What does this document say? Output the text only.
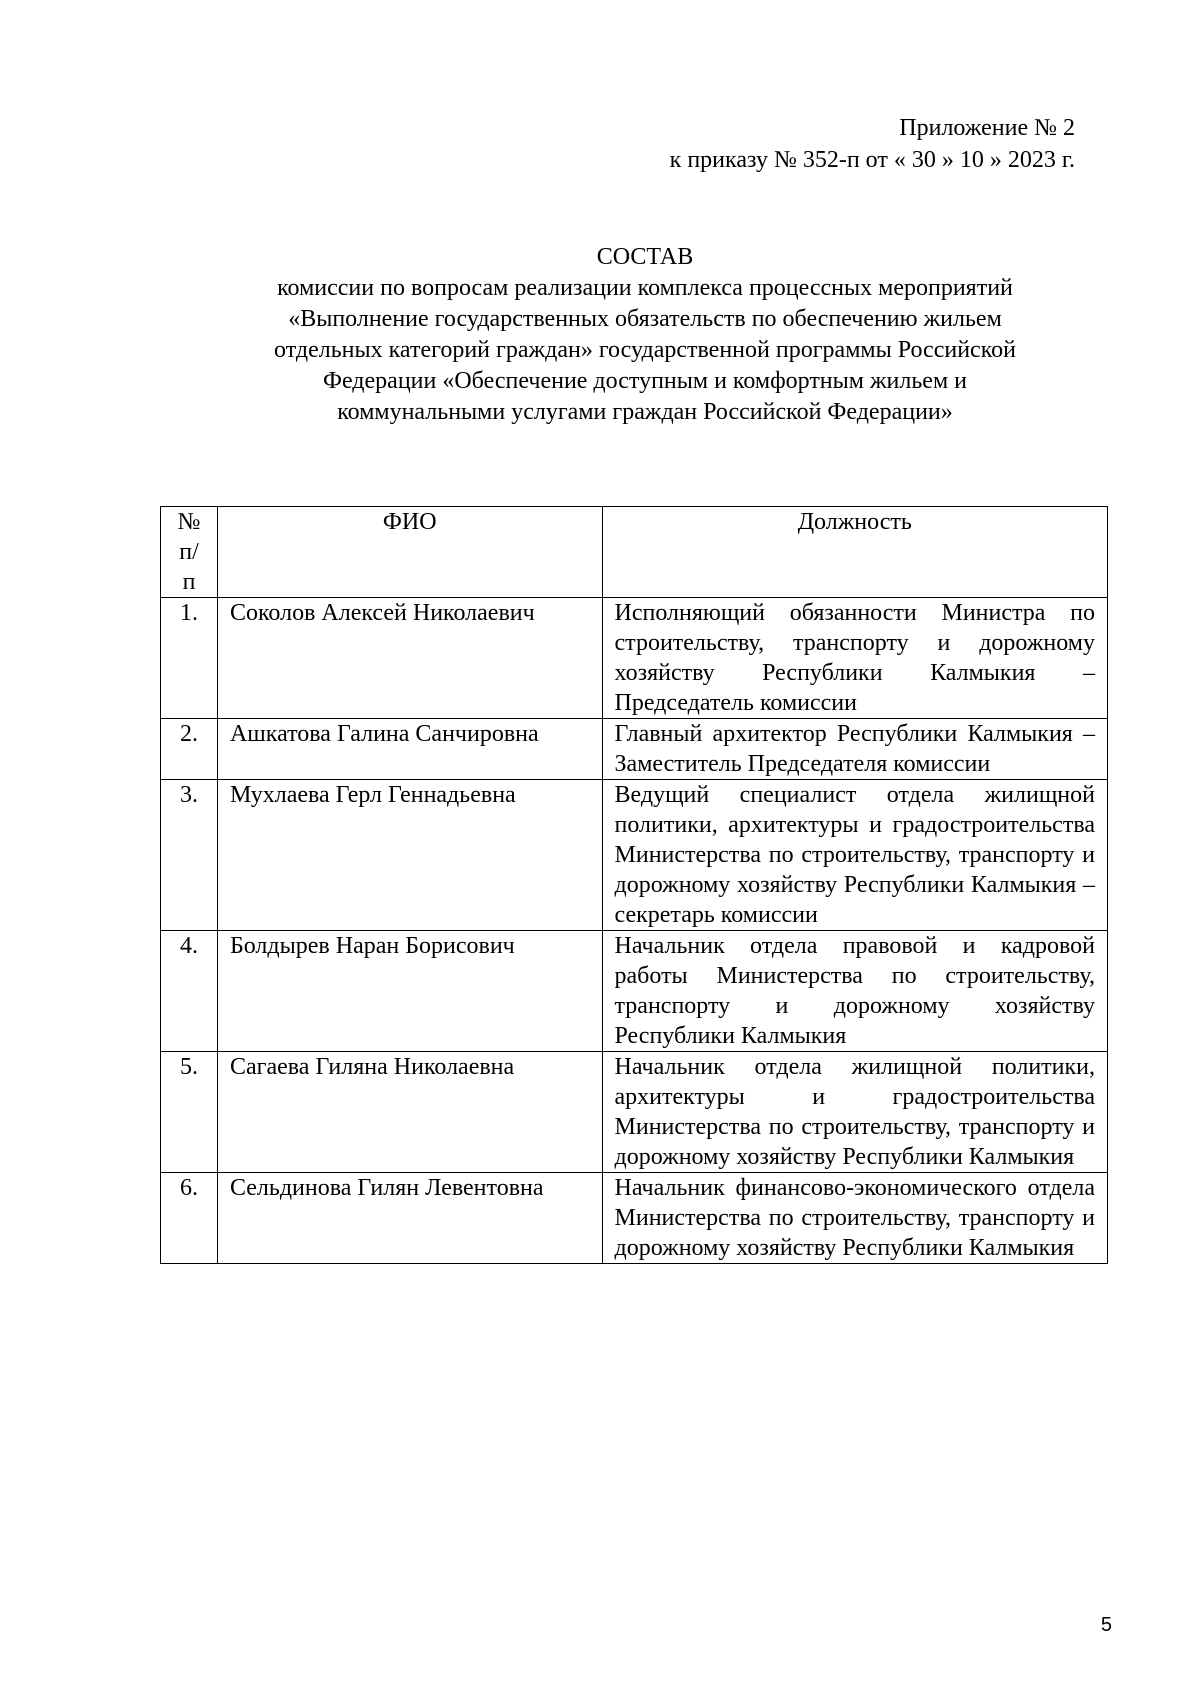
Приложение № 2
к приказу № 352-п от « 30 » 10 » 2023 г.
СОСТАВ
комиссии по вопросам реализации комплекса процессных мероприятий
«Выполнение государственных обязательств по обеспечению жильем
отдельных категорий граждан» государственной программы Российской
Федерации «Обеспечение доступным и комфортным жильем и
коммунальными услугами граждан Российской Федерации»
№ п/п	ФИО	Должность
1.	Соколов Алексей Николаевич	Исполняющий обязанности Министра по строительству, транспорту и дорожному хозяйству Республики Калмыкия – Председатель комиссии
2.	Ашкатова Галина Санчировна	Главный архитектор Республики Калмыкия – Заместитель Председателя комиссии
3.	Мухлаева Герл Геннадьевна	Ведущий специалист отдела жилищной политики, архитектуры и градостроительства Министерства по строительству, транспорту и дорожному хозяйству Республики Калмыкия – секретарь комиссии
4.	Болдырев Наран Борисович	Начальник отдела правовой и кадровой работы Министерства по строительству, транспорту и дорожному хозяйству Республики Калмыкия
5.	Сагаева Гиляна Николаевна	Начальник отдела жилищной политики, архитектуры и градостроительства Министерства по строительству, транспорту и дорожному хозяйству Республики Калмыкия
6.	Сельдинова Гилян Левентовна	Начальник финансово-экономического отдела Министерства по строительству, транспорту и дорожному хозяйству Республики Калмыкия
5
